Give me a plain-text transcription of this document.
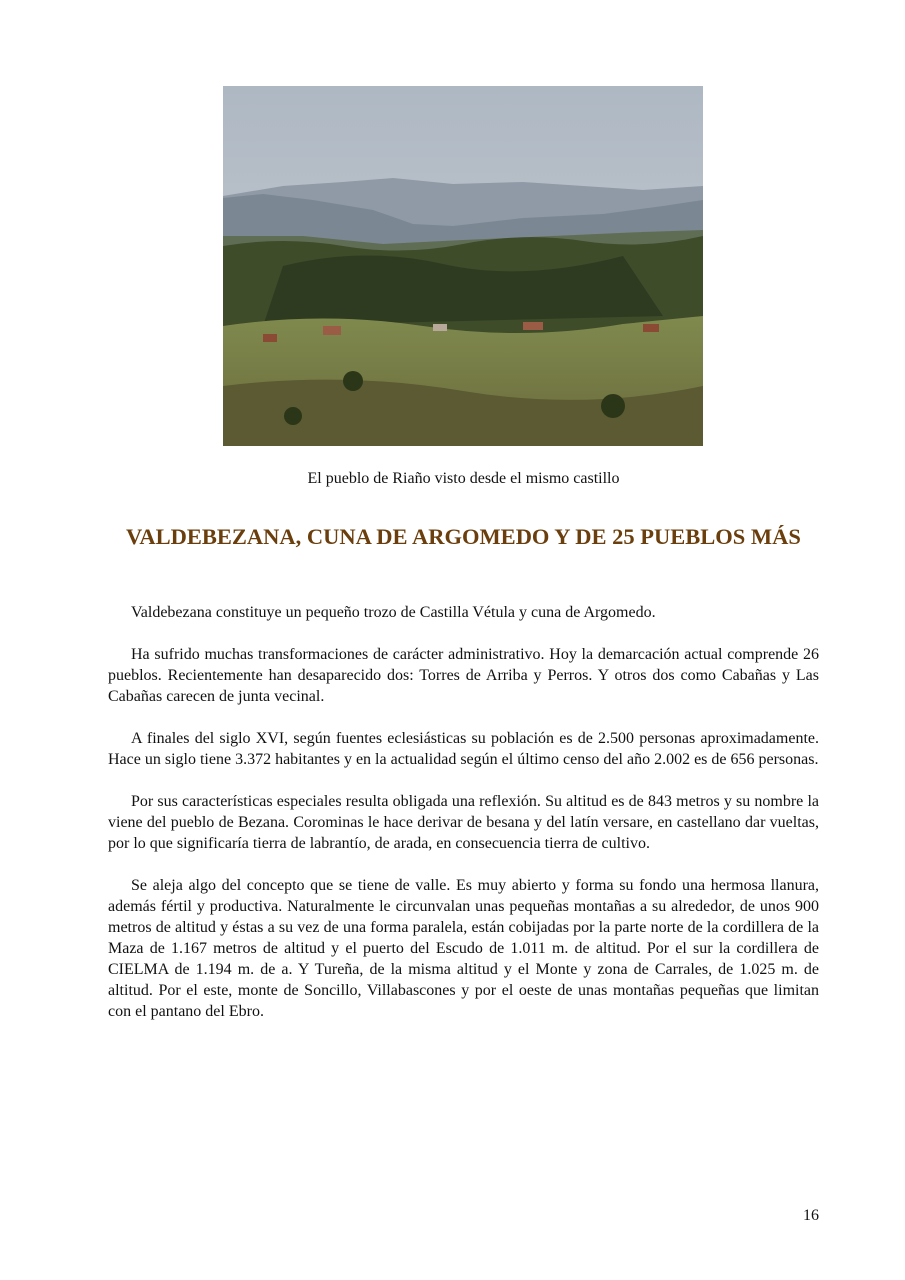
El pueblo de Riaño visto desde el mismo castillo
VALDEBEZANA, CUNA DE ARGOMEDO Y DE 25 PUEBLOS MÁS

Valdebezana constituye un pequeño trozo de Castilla Vétula y cuna de Argomedo.

Ha sufrido muchas transformaciones de carácter administrativo. Hoy la demarcación actual comprende 26 pueblos. Recientemente han desaparecido dos: Torres de Arriba y Perros. Y otros dos como Cabañas y Las Cabañas carecen de junta vecinal.

A finales del siglo XVI, según fuentes eclesiásticas su población es de 2.500 personas aproximadamente. Hace un siglo tiene 3.372 habitantes y en la actualidad según el último censo del año 2.002 es de 656 personas.

Por sus características especiales resulta obligada una reflexión. Su altitud es de 843 metros y su nombre la viene del pueblo de Bezana. Corominas le hace derivar de besana y del latín versare, en castellano dar vueltas, por lo que significaría tierra de labrantío, de arada, en consecuencia tierra de cultivo.

Se aleja algo del concepto que se tiene de valle. Es muy abierto y forma su fondo una hermosa llanura, además fértil y productiva. Naturalmente le circunvalan unas pequeñas montañas a su alrededor, de unos 900 metros de altitud y éstas a su vez de una forma paralela, están cobijadas por la parte norte de la cordillera de la Maza de 1.167 metros de altitud y el puerto del Escudo de 1.011 m. de altitud. Por el sur la cordillera de CIELMA de 1.194 m. de a. Y Tureña, de la misma altitud y el Monte y zona de Carrales, de 1.025 m. de altitud. Por el este, monte de Soncillo, Villabascones y por el oeste de unas montañas pequeñas que limitan con el pantano del Ebro.

16
